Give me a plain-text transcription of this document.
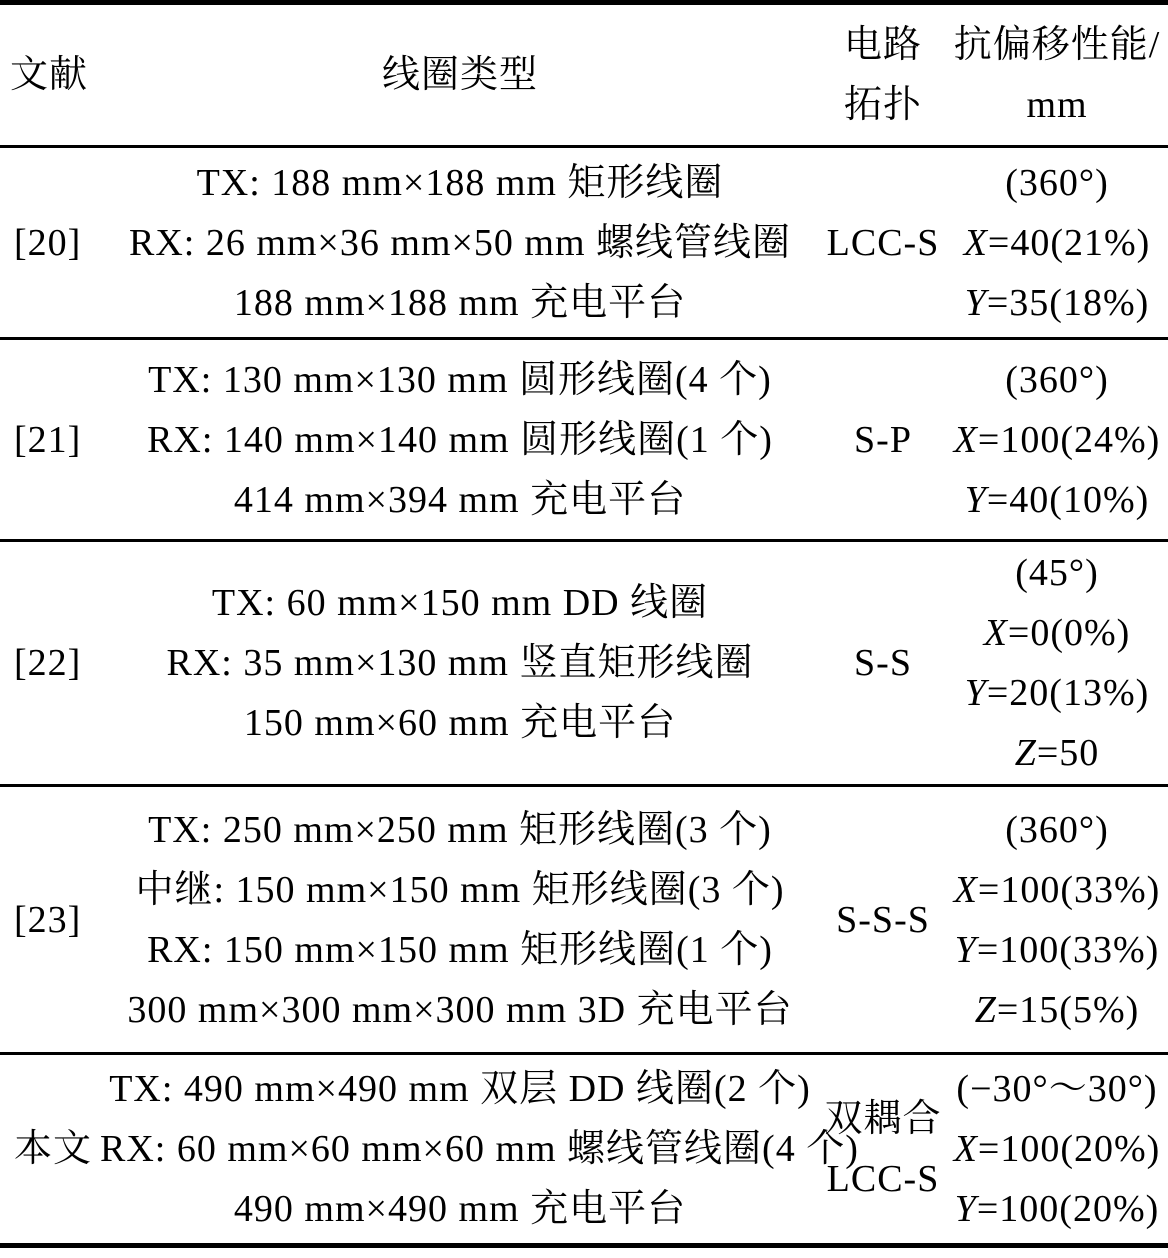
文献	线圈类型	电路
拓扑	抗偏移性能/
mm

[20]	TX: 188 mm×188 mm 矩形线圈
RX: 26 mm×36 mm×50 mm 螺线管线圈
188 mm×188 mm 充电平台	LCC-S	(360°)
X=40(21%)
Y=35(18%)

[21]	TX: 130 mm×130 mm 圆形线圈(4 个)
RX: 140 mm×140 mm 圆形线圈(1 个)
414 mm×394 mm 充电平台	S-P	(360°)
X=100(24%)
Y=40(10%)

[22]	TX: 60 mm×150 mm DD 线圈
RX: 35 mm×130 mm 竖直矩形线圈
150 mm×60 mm 充电平台	S-S	(45°)
X=0(0%)
Y=20(13%)
Z=50

[23]	TX: 250 mm×250 mm 矩形线圈(3 个)
中继: 150 mm×150 mm 矩形线圈(3 个)
RX: 150 mm×150 mm 矩形线圈(1 个)
300 mm×300 mm×300 mm 3D 充电平台	S-S-S	(360°)
X=100(33%)
Y=100(33%)
Z=15(5%)

本文	TX: 490 mm×490 mm 双层 DD 线圈(2 个)
RX: 60 mm×60 mm×60 mm 螺线管线圈(4 个)
490 mm×490 mm 充电平台	双耦合
LCC-S	(−30°～30°)
X=100(20%)
Y=100(20%)
